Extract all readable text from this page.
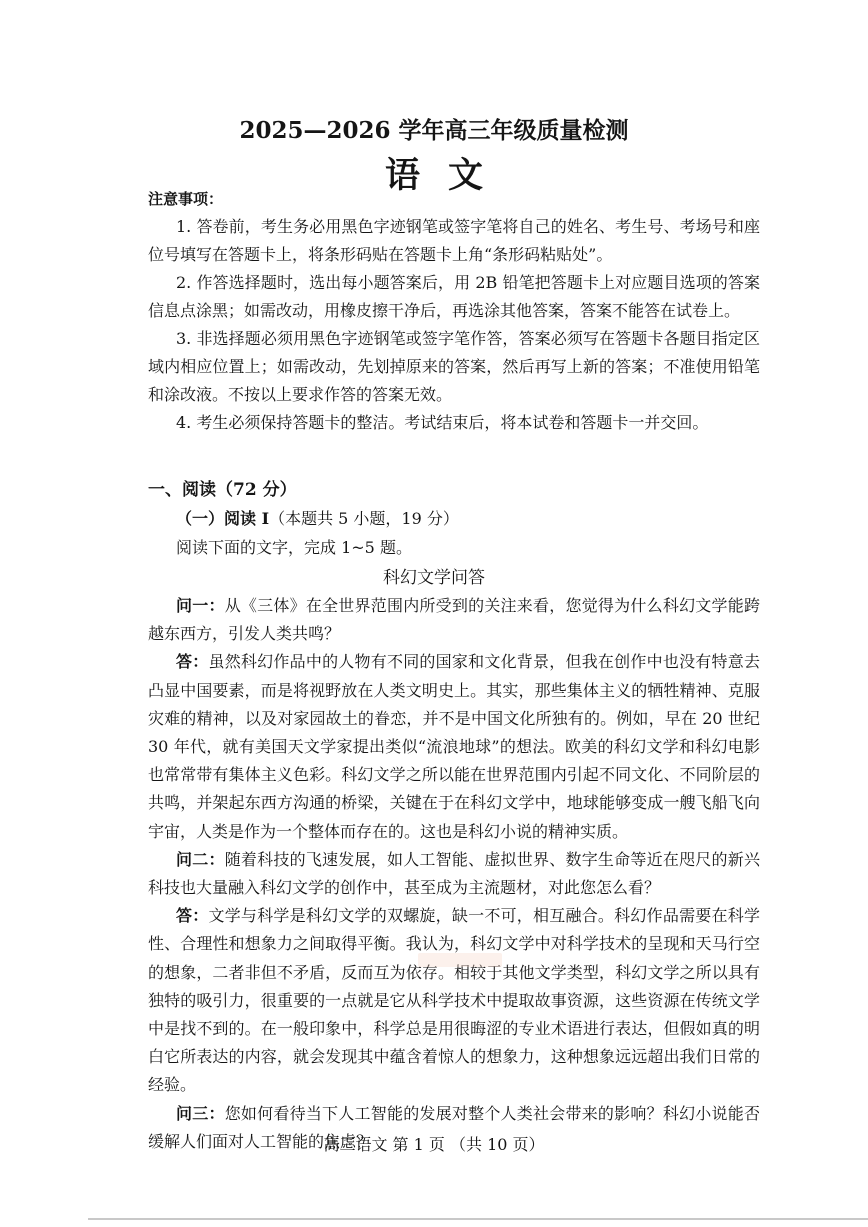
2025—2026 学年高三年级质量检测
语文
注意事项：
1. 答卷前，考生务必用黑色字迹钢笔或签字笔将自己的姓名、考生号、考场号和座位号填写在答题卡上，将条形码贴在答题卡上角“条形码粘贴处”。
2. 作答选择题时，选出每小题答案后，用 2B 铅笔把答题卡上对应题目选项的答案信息点涂黑；如需改动，用橡皮擦干净后，再选涂其他答案，答案不能答在试卷上。
3. 非选择题必须用黑色字迹钢笔或签字笔作答，答案必须写在答题卡各题目指定区域内相应位置上；如需改动，先划掉原来的答案，然后再写上新的答案；不准使用铅笔和涂改液。不按以上要求作答的答案无效。
4. 考生必须保持答题卡的整洁。考试结束后，将本试卷和答题卡一并交回。
一、阅读（72 分）
（一）阅读 I（本题共 5 小题，19 分）
阅读下面的文字，完成 1~5 题。
科幻文学问答

问一：从《三体》在全世界范围内所受到的关注来看，您觉得为什么科幻文学能跨越东西方，引发人类共鸣？

答：虽然科幻作品中的人物有不同的国家和文化背景，但我在创作中也没有特意去凸显中国要素，而是将视野放在人类文明史上。其实，那些集体主义的牺牲精神、克服灾难的精神，以及对家园故土的眷恋，并不是中国文化所独有的。例如，早在 20 世纪 30 年代，就有美国天文学家提出类似“流浪地球”的想法。欧美的科幻文学和科幻电影也常常带有集体主义色彩。科幻文学之所以能在世界范围内引起不同文化、不同阶层的共鸣，并架起东西方沟通的桥梁，关键在于在科幻文学中，地球能够变成一艘飞船飞向宇宙，人类是作为一个整体而存在的。这也是科幻小说的精神实质。

问二：随着科技的飞速发展，如人工智能、虚拟世界、数字生命等近在咫尺的新兴科技也大量融入科幻文学的创作中，甚至成为主流题材，对此您怎么看？

答：文学与科学是科幻文学的双螺旋，缺一不可，相互融合。科幻作品需要在科学性、合理性和想象力之间取得平衡。我认为，科幻文学中对科学技术的呈现和天马行空的想象，二者非但不矛盾，反而互为依存。相较于其他文学类型，科幻文学之所以具有独特的吸引力，很重要的一点就是它从科学技术中提取故事资源，这些资源在传统文学中是找不到的。在一般印象中，科学总是用很晦涩的专业术语进行表达，但假如真的明白它所表达的内容，就会发现其中蕴含着惊人的想象力，这种想象远远超出我们日常的经验。

问三：您如何看待当下人工智能的发展对整个人类社会带来的影响？科幻小说能否缓解人们面对人工智能的焦虑？

高三语文 第 1 页 （共 10 页）
